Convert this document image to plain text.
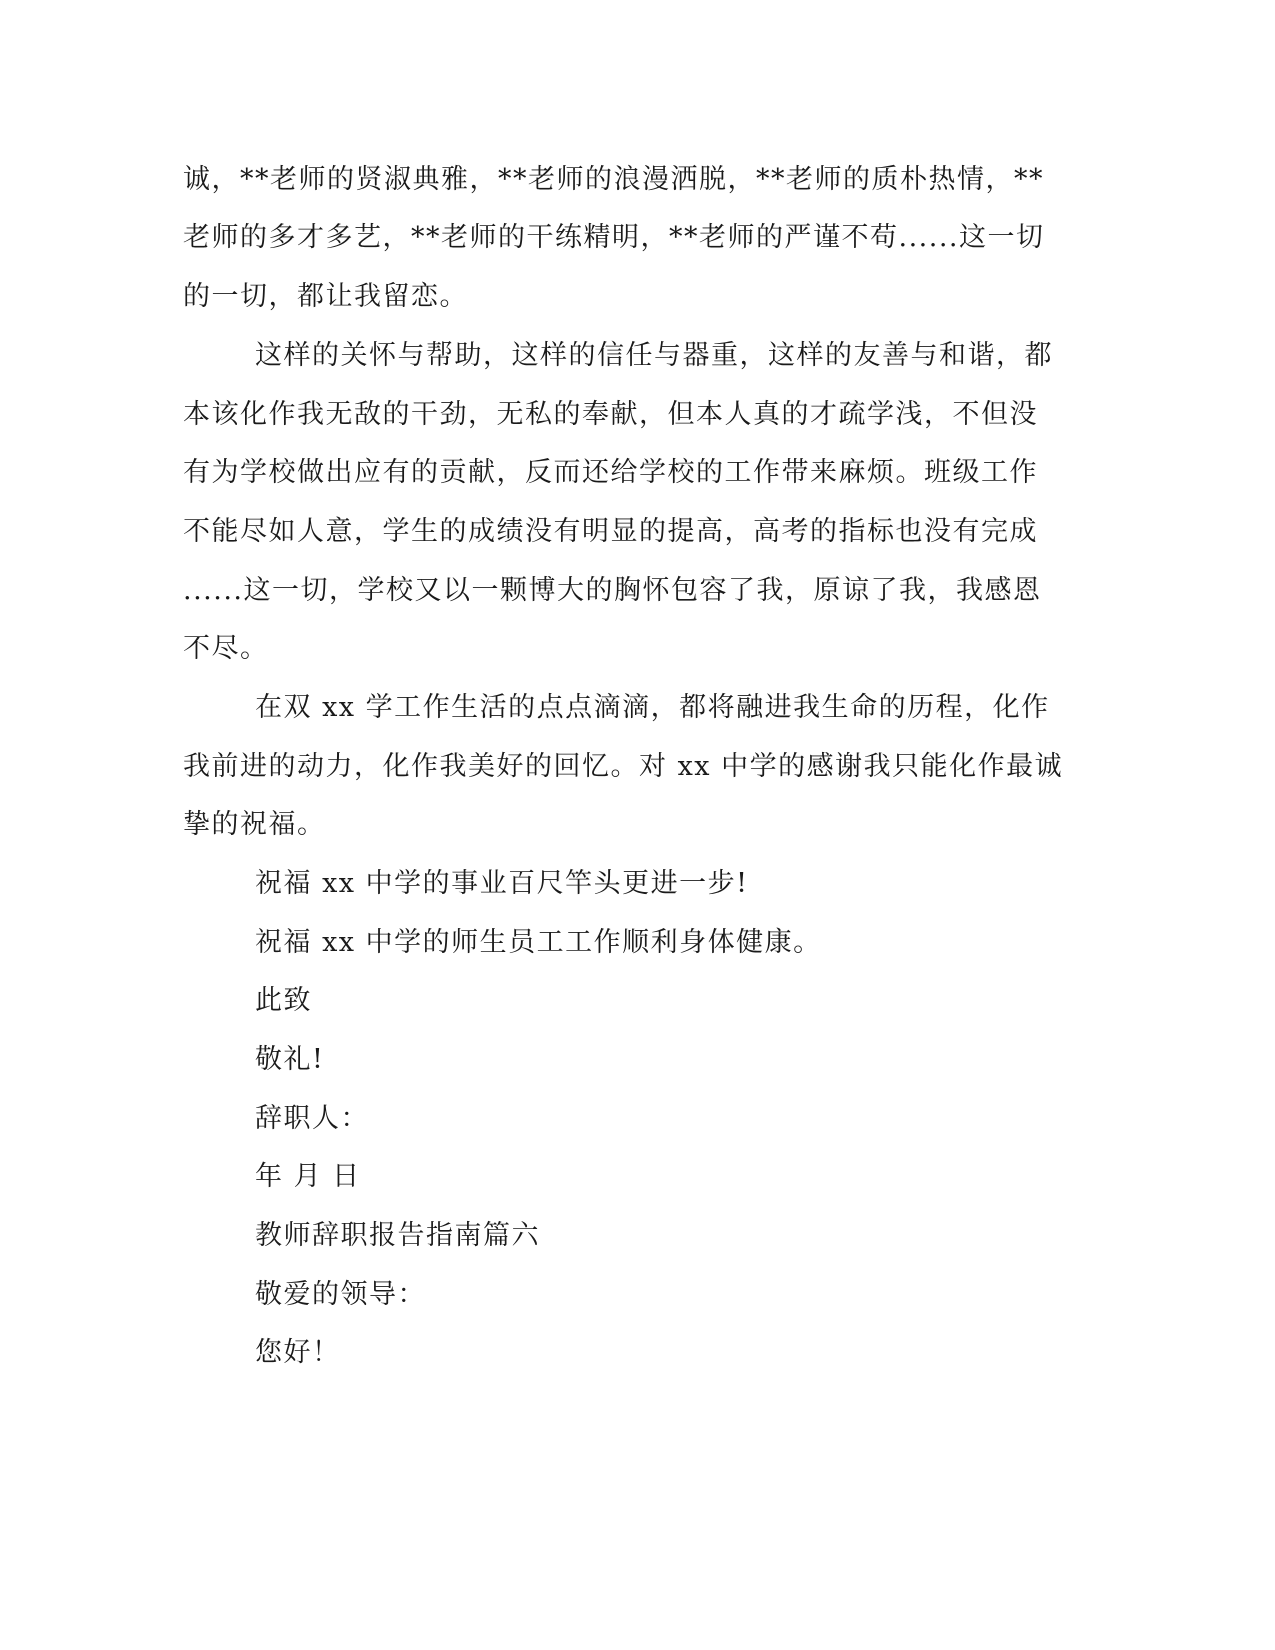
诚，**老师的贤淑典雅，**老师的浪漫洒脱，**老师的质朴热情，**
老师的多才多艺，**老师的干练精明，**老师的严谨不苟......这一切
的一切，都让我留恋。
这样的关怀与帮助，这样的信任与器重，这样的友善与和谐，都
本该化作我无敌的干劲，无私的奉献，但本人真的才疏学浅，不但没
有为学校做出应有的贡献，反而还给学校的工作带来麻烦。班级工作
不能尽如人意，学生的成绩没有明显的提高，高考的指标也没有完成
......这一切，学校又以一颗博大的胸怀包容了我，原谅了我，我感恩
不尽。
在双 xx 学工作生活的点点滴滴，都将融进我生命的历程，化作
我前进的动力，化作我美好的回忆。对 xx 中学的感谢我只能化作最诚
挚的祝福。
祝福 xx 中学的事业百尺竿头更进一步!
祝福 xx 中学的师生员工工作顺利身体健康。
此致
敬礼!
辞职人：
年 月 日
教师辞职报告指南篇六
敬爱的领导：
您好！
